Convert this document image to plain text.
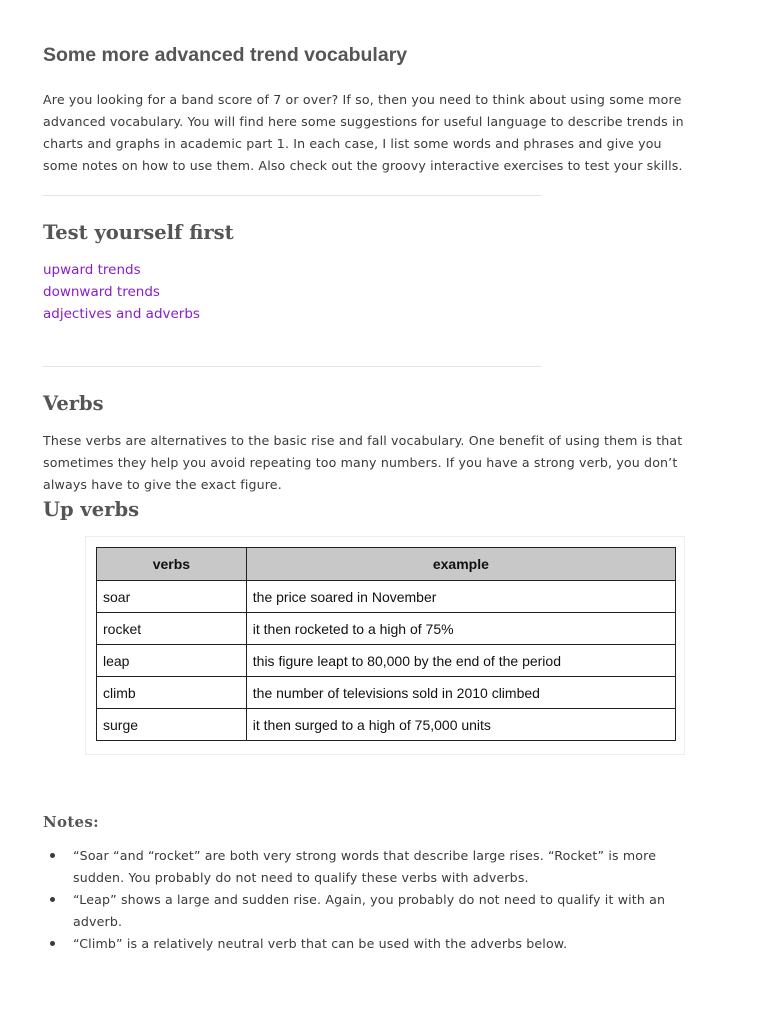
Some more advanced trend vocabulary

Are you looking for a band score of 7 or over? If so, then you need to think about using some more
advanced vocabulary. You will find here some suggestions for useful language to describe trends in
charts and graphs in academic part 1. In each case, I list some words and phrases and give you
some notes on how to use them. Also check out the groovy interactive exercises to test your skills.

Test yourself first
upward trends
downward trends
adjectives and adverbs
Verbs

These verbs are alternatives to the basic rise and fall vocabulary. One benefit of using them is that
sometimes they help you avoid repeating too many numbers. If you have a strong verb, you don’t
always have to give the exact figure.

Up verbs
verbs	example
soar	the price soared in November
rocket	it then rocketed to a high of 75%
leap	this figure leapt to 80,000 by the end of the period
climb	the number of televisions sold in 2010 climbed
surge	it then surged to a high of 75,000 units
Notes:
“Soar “and “rocket” are both very strong words that describe large rises. “Rocket” is more
sudden. You probably do not need to qualify these verbs with adverbs.
“Leap” shows a large and sudden rise. Again, you probably do not need to qualify it with an
adverb.
“Climb” is a relatively neutral verb that can be used with the adverbs below.
